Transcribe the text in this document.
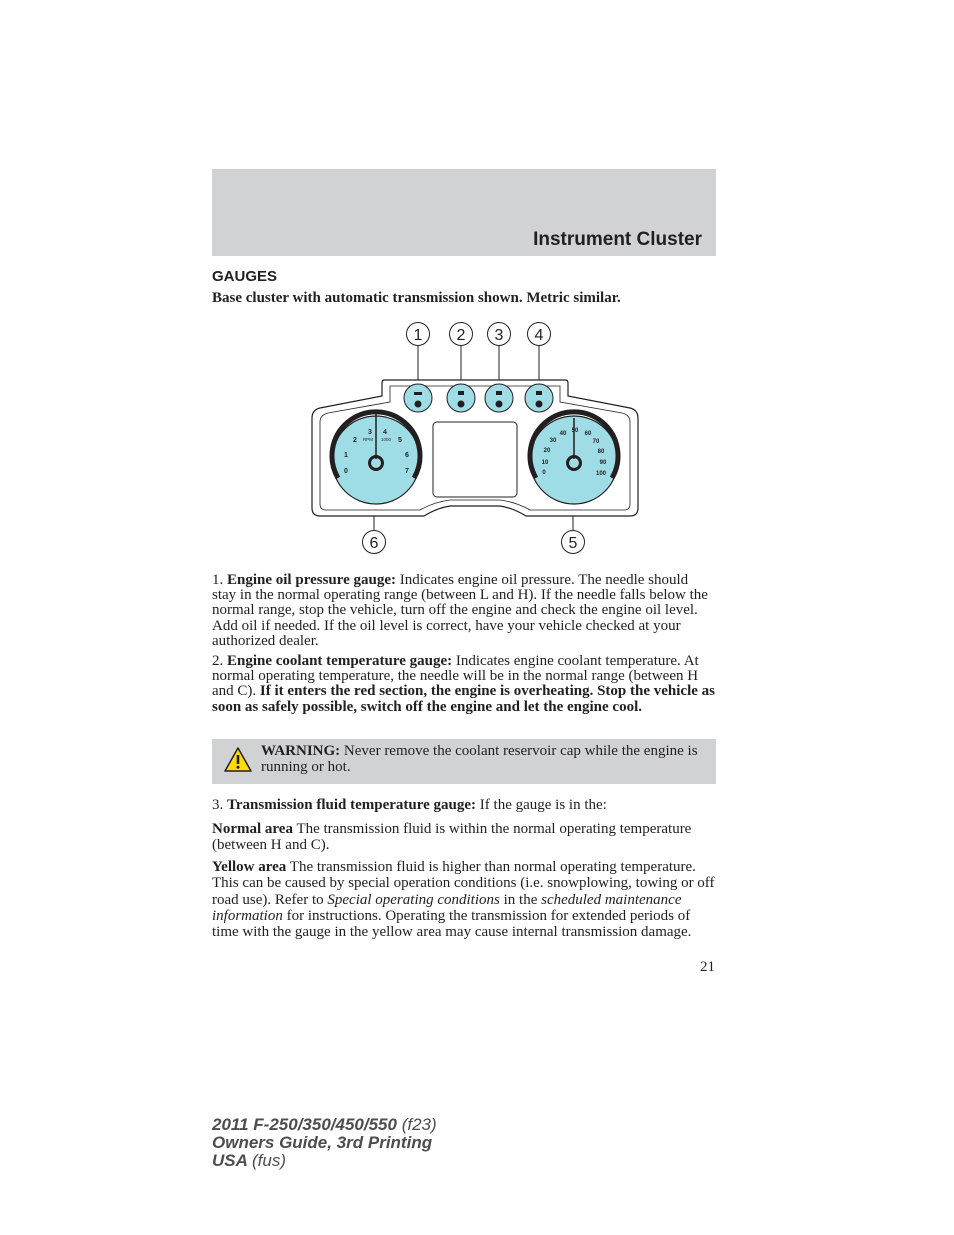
Instrument Cluster
GAUGES
Base cluster with automatic transmission shown. Metric similar.
0
1
2
3 4
5
6
7
RPM 1000
0
10
20
30
40 50 60
70
80
90
100
1 2 3 4
5
6
1. Engine oil pressure gauge: Indicates engine oil pressure. The needle should stay in the normal operating range (between L and H). If the needle falls below the normal range, stop the vehicle, turn off the engine and check the engine oil level. Add oil if needed. If the oil level is correct, have your vehicle checked at your authorized dealer.
2. Engine coolant temperature gauge: Indicates engine coolant temperature. At normal operating temperature, the needle will be in the normal range (between H and C). If it enters the red section, the engine is overheating. Stop the vehicle as soon as safely possible, switch off the engine and let the engine cool.
WARNING: Never remove the coolant reservoir cap while the engine is running or hot.
3. Transmission fluid temperature gauge: If the gauge is in the:
Normal area The transmission fluid is within the normal operating temperature (between H and C).
Yellow area The transmission fluid is higher than normal operating temperature. This can be caused by special operation conditions (i.e. snowplowing, towing or off road use). Refer to Special operating conditions in the scheduled maintenance information for instructions. Operating the transmission for extended periods of time with the gauge in the yellow area may cause internal transmission damage.
21
2011 F-250/350/450/550 (f23)
Owners Guide, 3rd Printing
USA (fus)
